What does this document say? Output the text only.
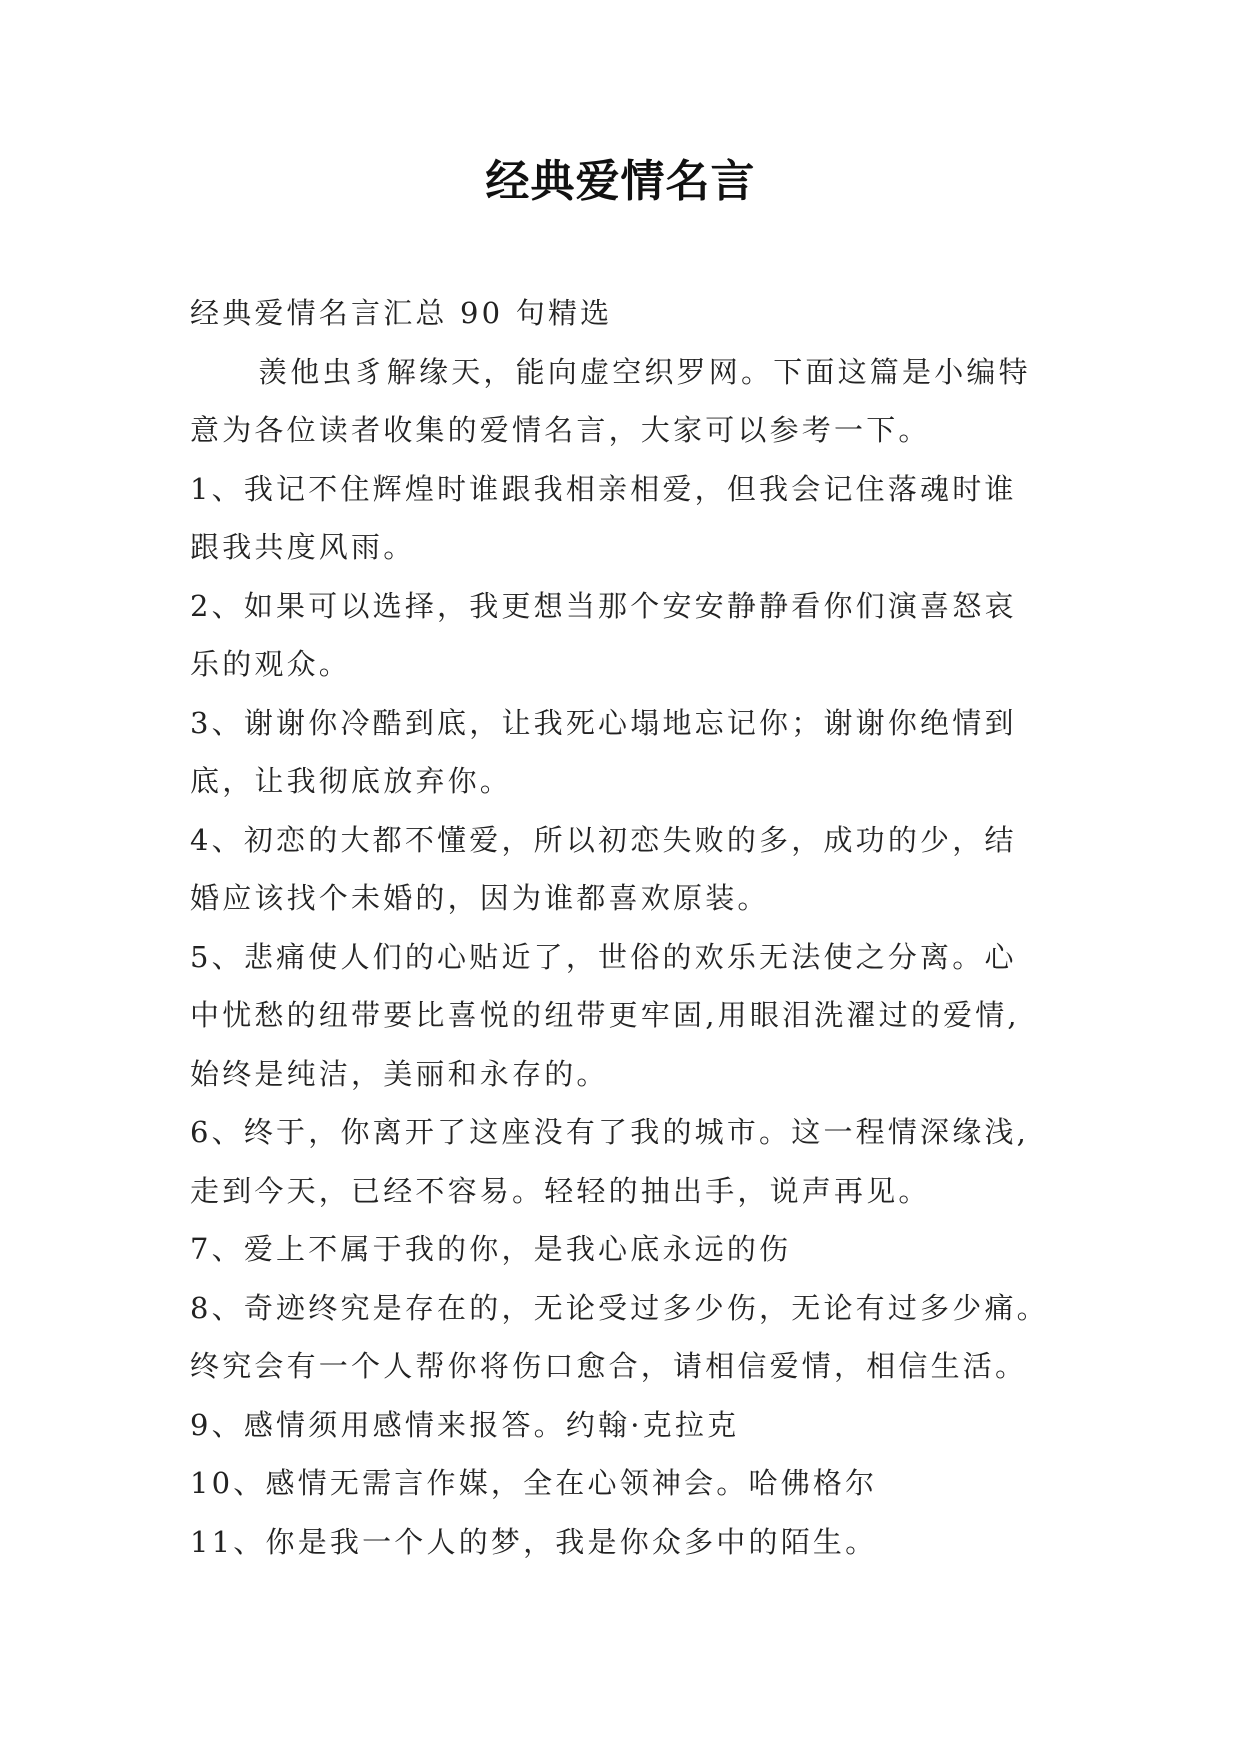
经典爱情名言
经典爱情名言汇总 90 句精选
羡他虫豸解缘天，能向虚空织罗网。下面这篇是小编特
意为各位读者收集的爱情名言，大家可以参考一下。
1、我记不住辉煌时谁跟我相亲相爱，但我会记住落魂时谁
跟我共度风雨。
2、如果可以选择，我更想当那个安安静静看你们演喜怒哀
乐的观众。
3、谢谢你冷酷到底，让我死心塌地忘记你；谢谢你绝情到
底，让我彻底放弃你。
4、初恋的大都不懂爱，所以初恋失败的多，成功的少，结
婚应该找个未婚的，因为谁都喜欢原装。
5、悲痛使人们的心贴近了，世俗的欢乐无法使之分离。心
中忧愁的纽带要比喜悦的纽带更牢固,用眼泪洗濯过的爱情,
始终是纯洁，美丽和永存的。
6、终于，你离开了这座没有了我的城市。这一程情深缘浅,
走到今天，已经不容易。轻轻的抽出手，说声再见。
7、爱上不属于我的你，是我心底永远的伤
8、奇迹终究是存在的，无论受过多少伤，无论有过多少痛。
终究会有一个人帮你将伤口愈合，请相信爱情，相信生活。
9、感情须用感情来报答。约翰·克拉克
10、感情无需言作媒，全在心领神会。哈佛格尔
11、你是我一个人的梦，我是你众多中的陌生。
